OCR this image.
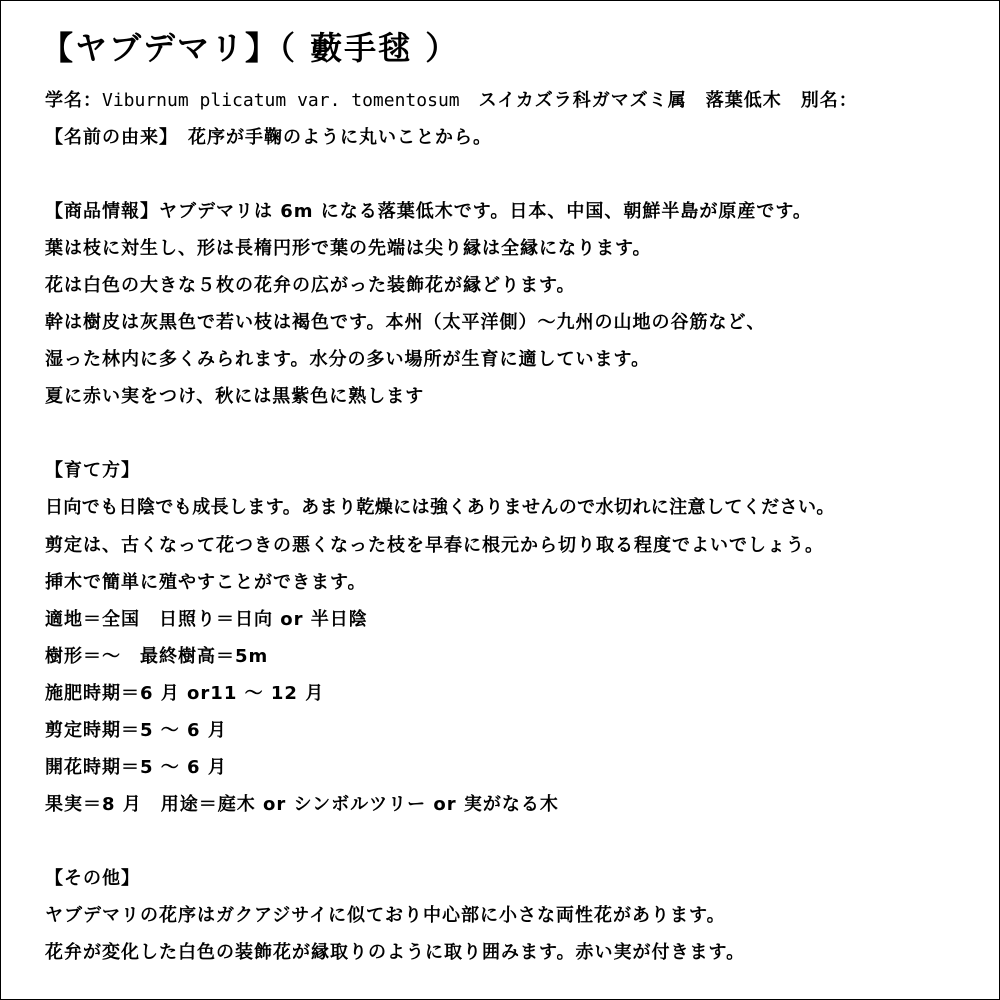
【ヤブデマリ】（ 藪手毬 ）
学名：Viburnum plicatum var. tomentosum　スイカズラ科ガマズミ属　落葉低木　別名：
【名前の由来】　花序が手鞠のように丸いことから。
【商品情報】ヤブデマリは 6m になる落葉低木です。日本、中国、朝鮮半島が原産です。
葉は枝に対生し、形は長楕円形で葉の先端は尖り縁は全縁になります。
花は白色の大きな５枚の花弁の広がった装飾花が縁どります。
幹は樹皮は灰黒色で若い枝は褐色です。本州（太平洋側）～九州の山地の谷筋など、
湿った林内に多くみられます。水分の多い場所が生育に適しています。
夏に赤い実をつけ、秋には黒紫色に熟します
【育て方】
日向でも日陰でも成長します。あまり乾燥には強くありませんので水切れに注意してください。
剪定は、古くなって花つきの悪くなった枝を早春に根元から切り取る程度でよいでしょう。
挿木で簡単に殖やすことができます。
適地＝全国　日照り＝日向 or 半日陰
樹形＝～　最終樹高＝5m
施肥時期＝6 月 or11 ～ 12 月
剪定時期＝5 ～ 6 月
開花時期＝5 ～ 6 月
果実＝8 月　用途＝庭木 or シンボルツリー or 実がなる木
【その他】
ヤブデマリの花序はガクアジサイに似ており中心部に小さな両性花があります。
花弁が変化した白色の装飾花が縁取りのように取り囲みます。赤い実が付きます。
